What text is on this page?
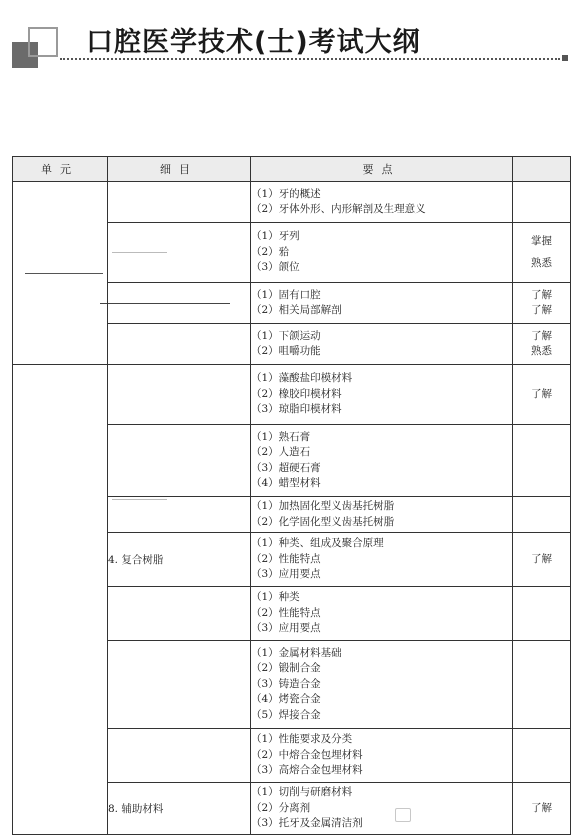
口腔医学技术(士)考试大纲
单元	细目	要点	

		（1）牙的概述
（2）牙体外形、内形解剖及生理意义	

		（1）牙列
（2）𬌗
（3）颌位	掌握
熟悉

		（1）固有口腔
（2）相关局部解剖	了解
了解

		（1）下颌运动
（2）咀嚼功能	了解
熟悉

		（1）藻酸盐印模材料
（2）橡胶印模材料
（3）琼脂印模材料	了解

		（1）熟石膏
（2）人造石
（3）超硬石膏
（4）蜡型材料	

		（1）加热固化型义齿基托树脂
（2）化学固化型义齿基托树脂	

	4. 复合树脂	（1）种类、组成及聚合原理
（2）性能特点
（3）应用要点	了解

		（1）种类
（2）性能特点
（3）应用要点	

		（1）金属材料基础
（2）锻制合金
（3）铸造合金
（4）烤瓷合金
（5）焊接合金	

		（1）性能要求及分类
（2）中熔合金包埋材料
（3）高熔合金包埋材料	

	8. 辅助材料	（1）切削与研磨材料
（2）分离剂
（3）托牙及金属清洁剂	了解
